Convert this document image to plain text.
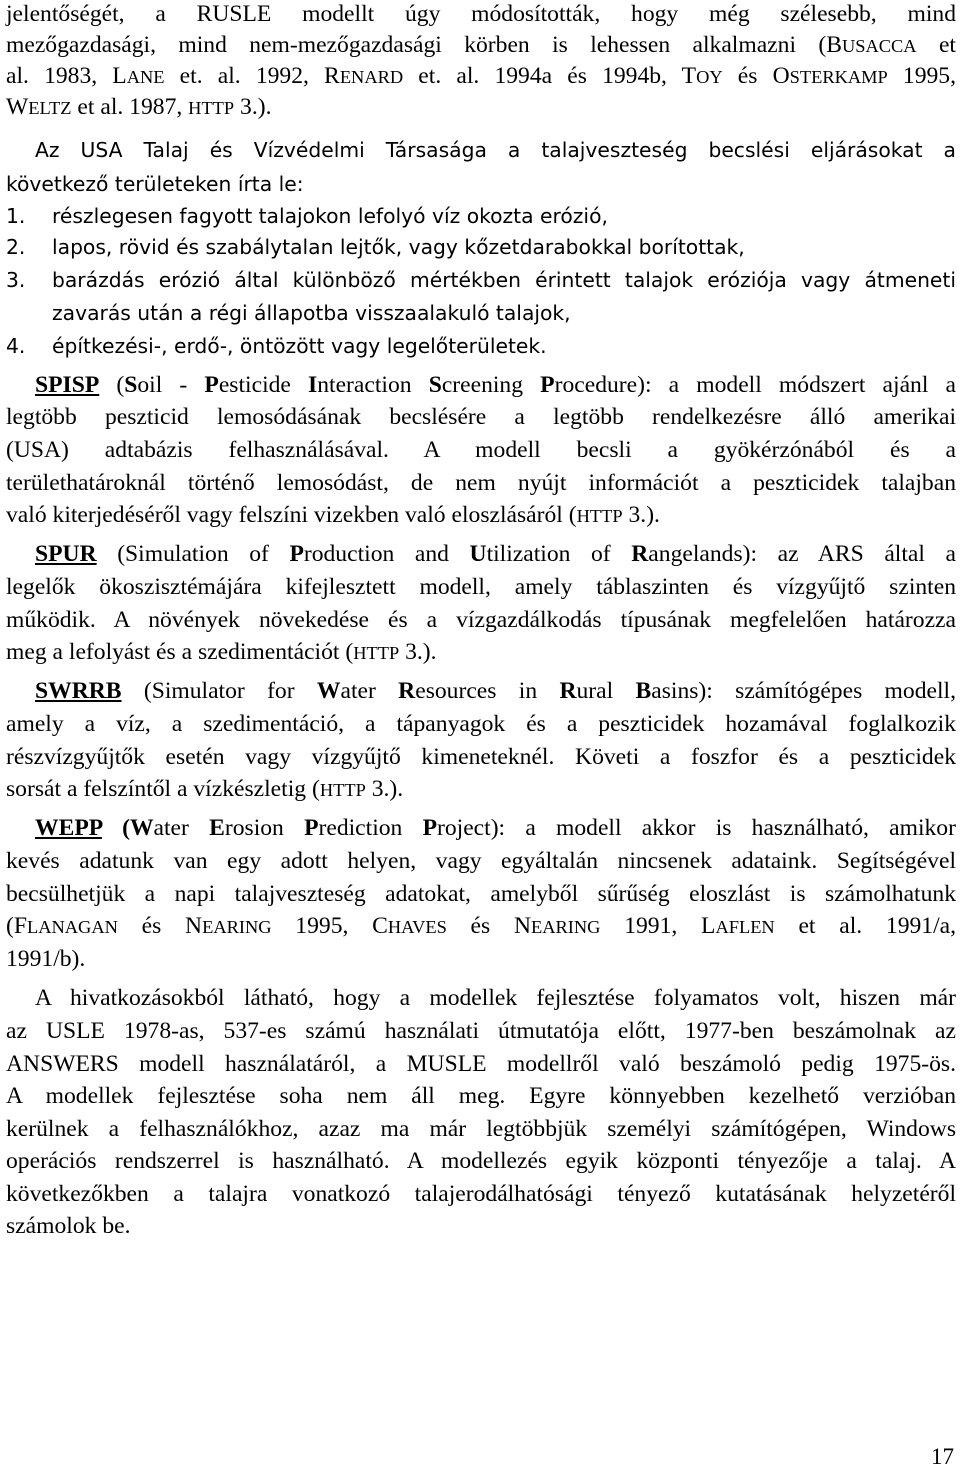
jelentőségét, a RUSLE modellt úgy módosították, hogy még szélesebb, mind
mezőgazdasági, mind nem-mezőgazdasági körben is lehessen alkalmazni (BUSACCA et
al. 1983, LANE et. al. 1992, RENARD et. al. 1994a és 1994b, TOY és OSTERKAMP 1995,
WELTZ et al. 1987, HTTP 3.).
Az USA Talaj és Vízvédelmi Társasága a talajveszteség becslési eljárásokat a
következő területeken írta le:
1.	részlegesen fagyott talajokon lefolyó víz okozta erózió,
2.	lapos, rövid és szabálytalan lejtők, vagy kőzetdarabokkal borítottak,
3.	barázdás erózió által különböző mértékben érintett talajok eróziója vagy átmeneti
zavarás után a régi állapotba visszaalakuló talajok,
4.	építkezési-, erdő-, öntözött vagy legelőterületek.
SPISP (Soil - Pesticide Interaction Screening Procedure): a modell módszert ajánl a
legtöbb peszticid lemosódásának becslésére a legtöbb rendelkezésre álló amerikai
(USA) adtabázis felhasználásával. A modell becsli a gyökérzónából és a
területhatároknál történő lemosódást, de nem nyújt információt a peszticidek talajban
való kiterjedéséről vagy felszíni vizekben való eloszlásáról (HTTP 3.).
SPUR (Simulation of Production and Utilization of Rangelands): az ARS által a
legelők ökoszisztémájára kifejlesztett modell, amely táblaszinten és vízgyűjtő szinten
működik. A növények növekedése és a vízgazdálkodás típusának megfelelően határozza
meg a lefolyást és a szedimentációt (HTTP 3.).
SWRRB (Simulator for Water Resources in Rural Basins): számítógépes modell,
amely a víz, a szedimentáció, a tápanyagok és a peszticidek hozamával foglalkozik
részvízgyűjtők esetén vagy vízgyűjtő kimeneteknél. Követi a foszfor és a peszticidek
sorsát a felszíntől a vízkészletig (HTTP 3.).
WEPP (Water Erosion Prediction Project): a modell akkor is használható, amikor
kevés adatunk van egy adott helyen, vagy egyáltalán nincsenek adataink. Segítségével
becsülhetjük a napi talajveszteség adatokat, amelyből sűrűség eloszlást is számolhatunk
(FLANAGAN és NEARING 1995, CHAVES és NEARING 1991, LAFLEN et al. 1991/a,
1991/b).
A hivatkozásokból látható, hogy a modellek fejlesztése folyamatos volt, hiszen már
az USLE 1978-as, 537-es számú használati útmutatója előtt, 1977-ben beszámolnak az
ANSWERS modell használatáról, a MUSLE modellről való beszámoló pedig 1975-ös.
A modellek fejlesztése soha nem áll meg. Egyre könnyebben kezelhető verzióban
kerülnek a felhasználókhoz, azaz ma már legtöbbjük személyi számítógépen, Windows
operációs rendszerrel is használható. A modellezés egyik központi tényezője a talaj. A
következőkben a talajra vonatkozó talajerodálhatósági tényező kutatásának helyzetéről
számolok be.
17
